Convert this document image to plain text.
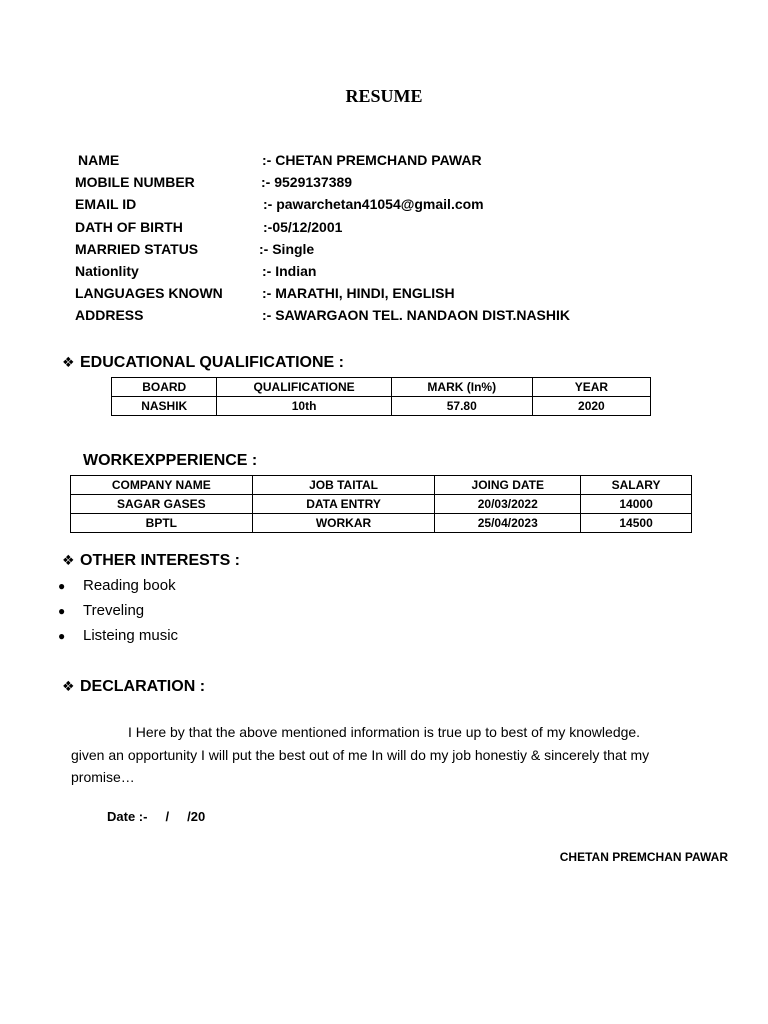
RESUME
NAME	:- CHETAN PREMCHAND PAWAR
MOBILE NUMBER	:- 9529137389
EMAIL ID	:- pawarchetan41054@gmail.com
DATH OF BIRTH	:-05/12/2001
MARRIED STATUS	:- Single
Nationlity	:- Indian
LANGUAGES KNOWN	:- MARATHI, HINDI, ENGLISH
ADDRESS	:- SAWARGAON TEL. NANDAON DIST.NASHIK
❖ EDUCATIONAL QUALIFICATIONE :
BOARD	QUALIFICATIONE	MARK (In%)	YEAR
NASHIK	10th	57.80	2020
WORKEXPPERIENCE :
COMPANY NAME	JOB TAITAL	JOING DATE	SALARY
SAGAR GASES	DATA ENTRY	20/03/2022	14000
BPTL	WORKAR	25/04/2023	14500
❖ OTHER INTERESTS :
● Reading book
● Treveling
● Listeing music
❖ DECLARATION :
I Here by that the above mentioned information is true up to best of my knowledge.
given an opportunity I will put the best out of me In will do my job honestiy & sincerely that my
promise…
Date :-     /     /20
CHETAN PREMCHAN PAWAR
